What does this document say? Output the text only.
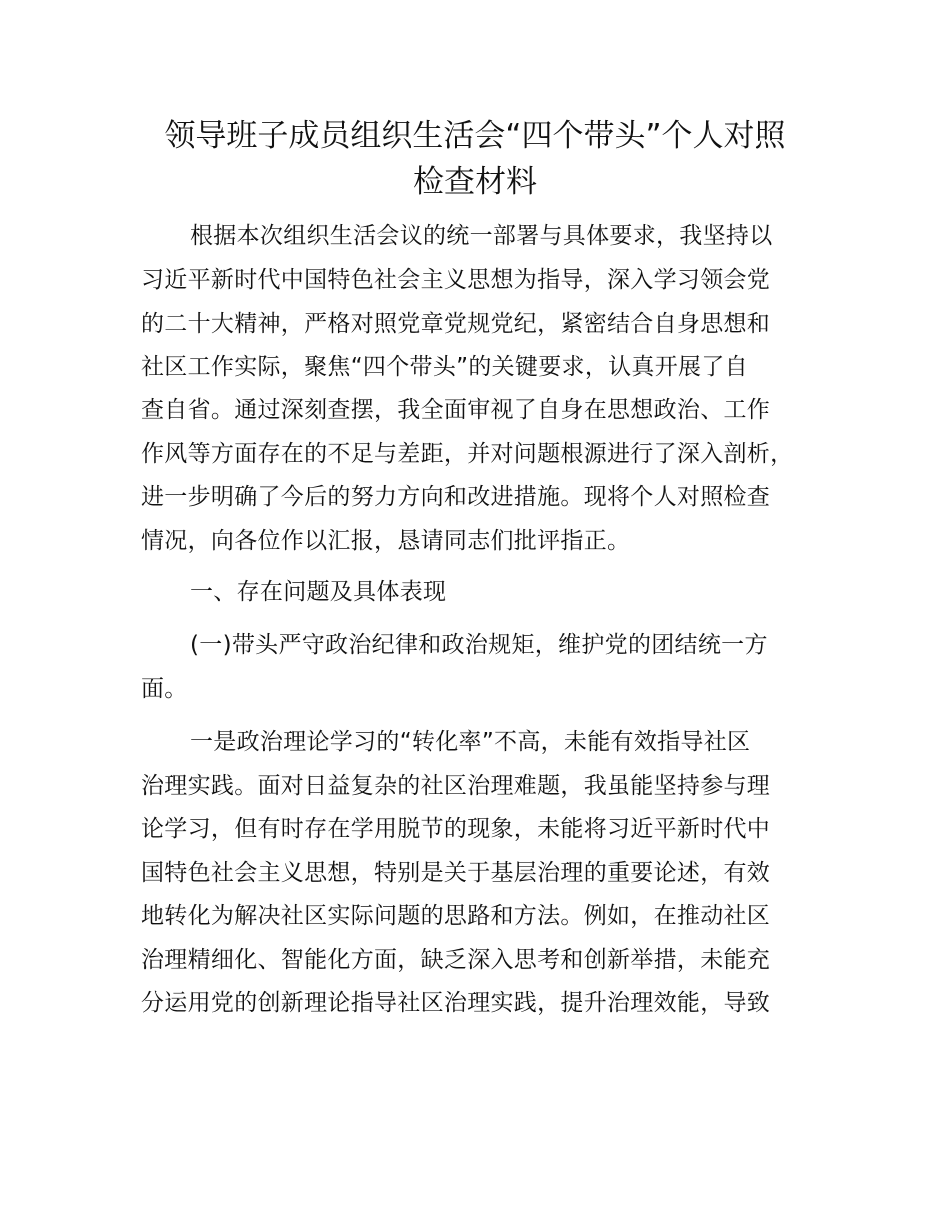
领导班子成员组织生活会“四个带头”个人对照
检查材料

根据本次组织生活会议的统一部署与具体要求，我坚持以

习近平新时代中国特色社会主义思想为指导，深入学习领会党

的二十大精神，严格对照党章党规党纪，紧密结合自身思想和

社区工作实际，聚焦“四个带头”的关键要求，认真开展了自

查自省。通过深刻查摆，我全面审视了自身在思想政治、工作

作风等方面存在的不足与差距，并对问题根源进行了深入剖析，

进一步明确了今后的努力方向和改进措施。现将个人对照检查

情况，向各位作以汇报，恳请同志们批评指正。

一、存在问题及具体表现

(一)带头严守政治纪律和政治规矩，维护党的团结统一方

面。

一是政治理论学习的“转化率”不高，未能有效指导社区

治理实践。面对日益复杂的社区治理难题，我虽能坚持参与理

论学习，但有时存在学用脱节的现象，未能将习近平新时代中

国特色社会主义思想，特别是关于基层治理的重要论述，有效

地转化为解决社区实际问题的思路和方法。例如，在推动社区

治理精细化、智能化方面，缺乏深入思考和创新举措，未能充

分运用党的创新理论指导社区治理实践，提升治理效能，导致
